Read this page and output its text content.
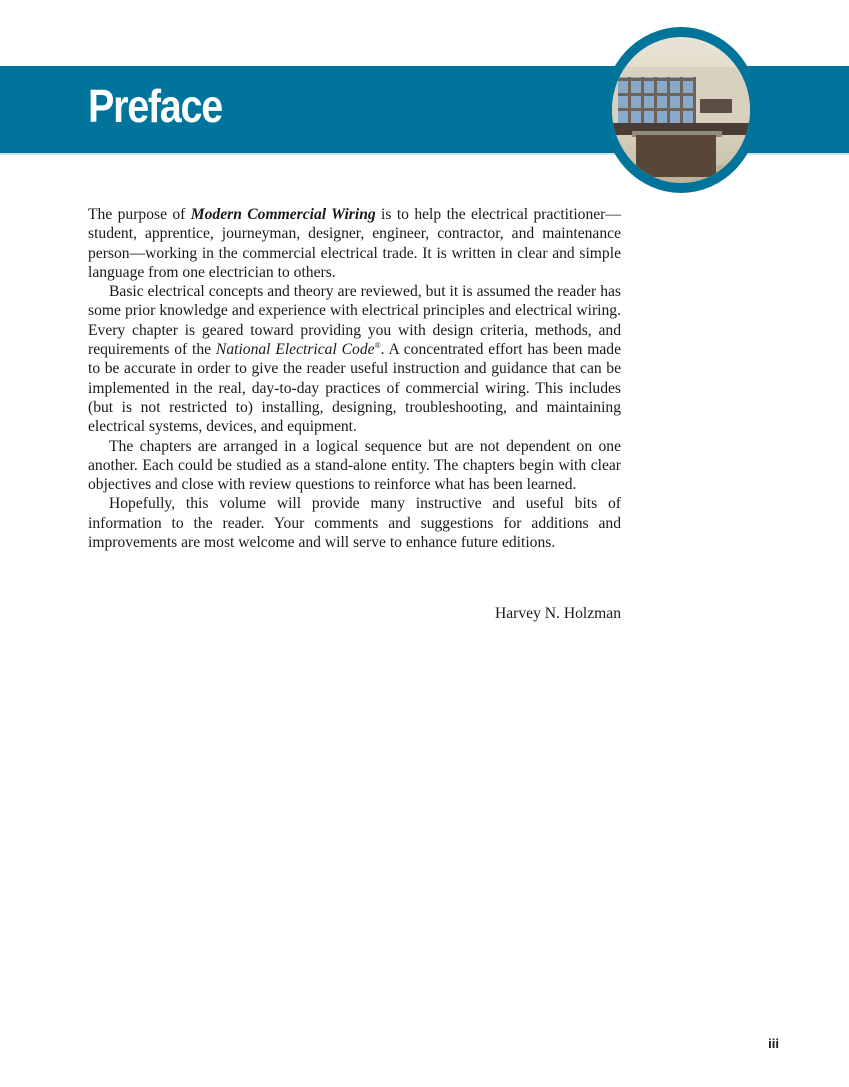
Preface

The purpose of Modern Commercial Wiring is to help the electrical practitioner—student, apprentice, journeyman, designer, engineer, contractor, and maintenance person—working in the commercial electrical trade. It is written in clear and simple language from one electrician to others.

Basic electrical concepts and theory are reviewed, but it is assumed the reader has some prior knowledge and experience with electrical principles and electrical wiring. Every chapter is geared toward providing you with design criteria, methods, and requirements of the National Electrical Code®. A concentrated effort has been made to be accurate in order to give the reader useful instruction and guidance that can be implemented in the real, day-to-day practices of commercial wiring. This includes (but is not restricted to) installing, designing, troubleshooting, and maintaining electrical systems, devices, and equipment.

The chapters are arranged in a logical sequence but are not dependent on one another. Each could be studied as a stand-alone entity. The chapters begin with clear objectives and close with review questions to reinforce what has been learned.

Hopefully, this volume will provide many instructive and useful bits of information to the reader. Your comments and suggestions for additions and improvements are most welcome and will serve to enhance future editions.

Harvey N. Holzman
iii
